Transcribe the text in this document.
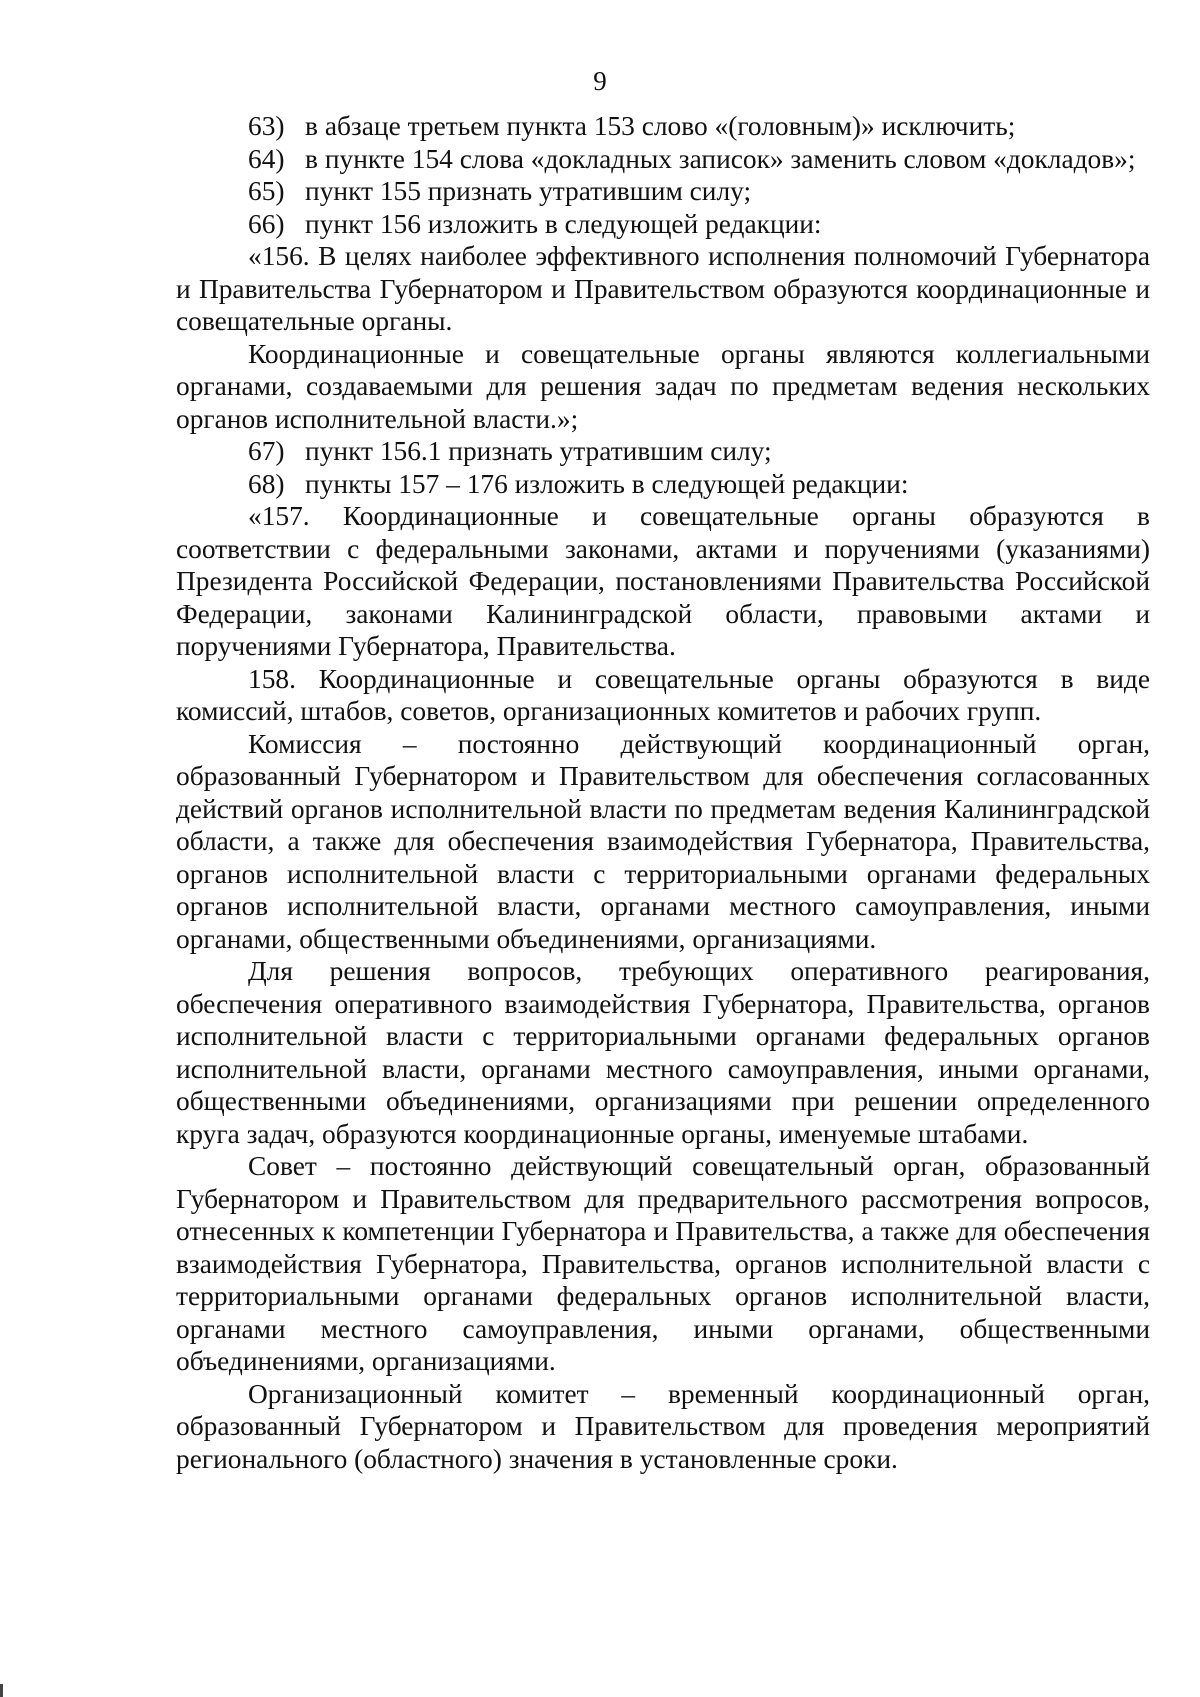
9

63)   в абзаце третьем пункта 153 слово «(головным)» исключить;

64)   в пункте 154 слова «докладных записок» заменить словом «докладов»;

65)   пункт 155 признать утратившим силу;

66)   пункт 156 изложить в следующей редакции:

«156. В целях наиболее эффективного исполнения полномочий Губернатора и Правительства Губернатором и Правительством образуются координационные и совещательные органы.

Координационные и совещательные органы являются коллегиальными органами, создаваемыми для решения задач по предметам ведения нескольких органов исполнительной власти.»;

67)   пункт 156.1 признать утратившим силу;

68)   пункты 157 – 176 изложить в следующей редакции:

«157. Координационные и совещательные органы образуются в соответствии с федеральными законами, актами и поручениями (указаниями) Президента Российской Федерации, постановлениями Правительства Российской Федерации, законами Калининградской области, правовыми актами и поручениями Губернатора, Правительства.

158. Координационные и совещательные органы образуются в виде комиссий, штабов, советов, организационных комитетов и рабочих групп.

Комиссия – постоянно действующий координационный орган, образованный Губернатором и Правительством для обеспечения согласованных действий органов исполнительной власти по предметам ведения Калининградской области, а также для обеспечения взаимодействия Губернатора, Правительства, органов исполнительной власти с территориальными органами федеральных органов исполнительной власти, органами местного самоуправления, иными органами, общественными объединениями, организациями.

Для решения вопросов, требующих оперативного реагирования, обеспечения оперативного взаимодействия Губернатора, Правительства, органов исполнительной власти с территориальными органами федеральных органов исполнительной власти, органами местного самоуправления, иными органами, общественными объединениями, организациями при решении определенного круга задач, образуются координационные органы, именуемые штабами.

Совет – постоянно действующий совещательный орган, образованный Губернатором и Правительством для предварительного рассмотрения вопросов, отнесенных к компетенции Губернатора и Правительства, а также для обеспечения взаимодействия Губернатора, Правительства, органов исполнительной власти с территориальными органами федеральных органов исполнительной власти, органами местного самоуправления, иными органами, общественными объединениями, организациями.

Организационный комитет – временный координационный орган, образованный Губернатором и Правительством для проведения мероприятий регионального (областного) значения в установленные сроки.
